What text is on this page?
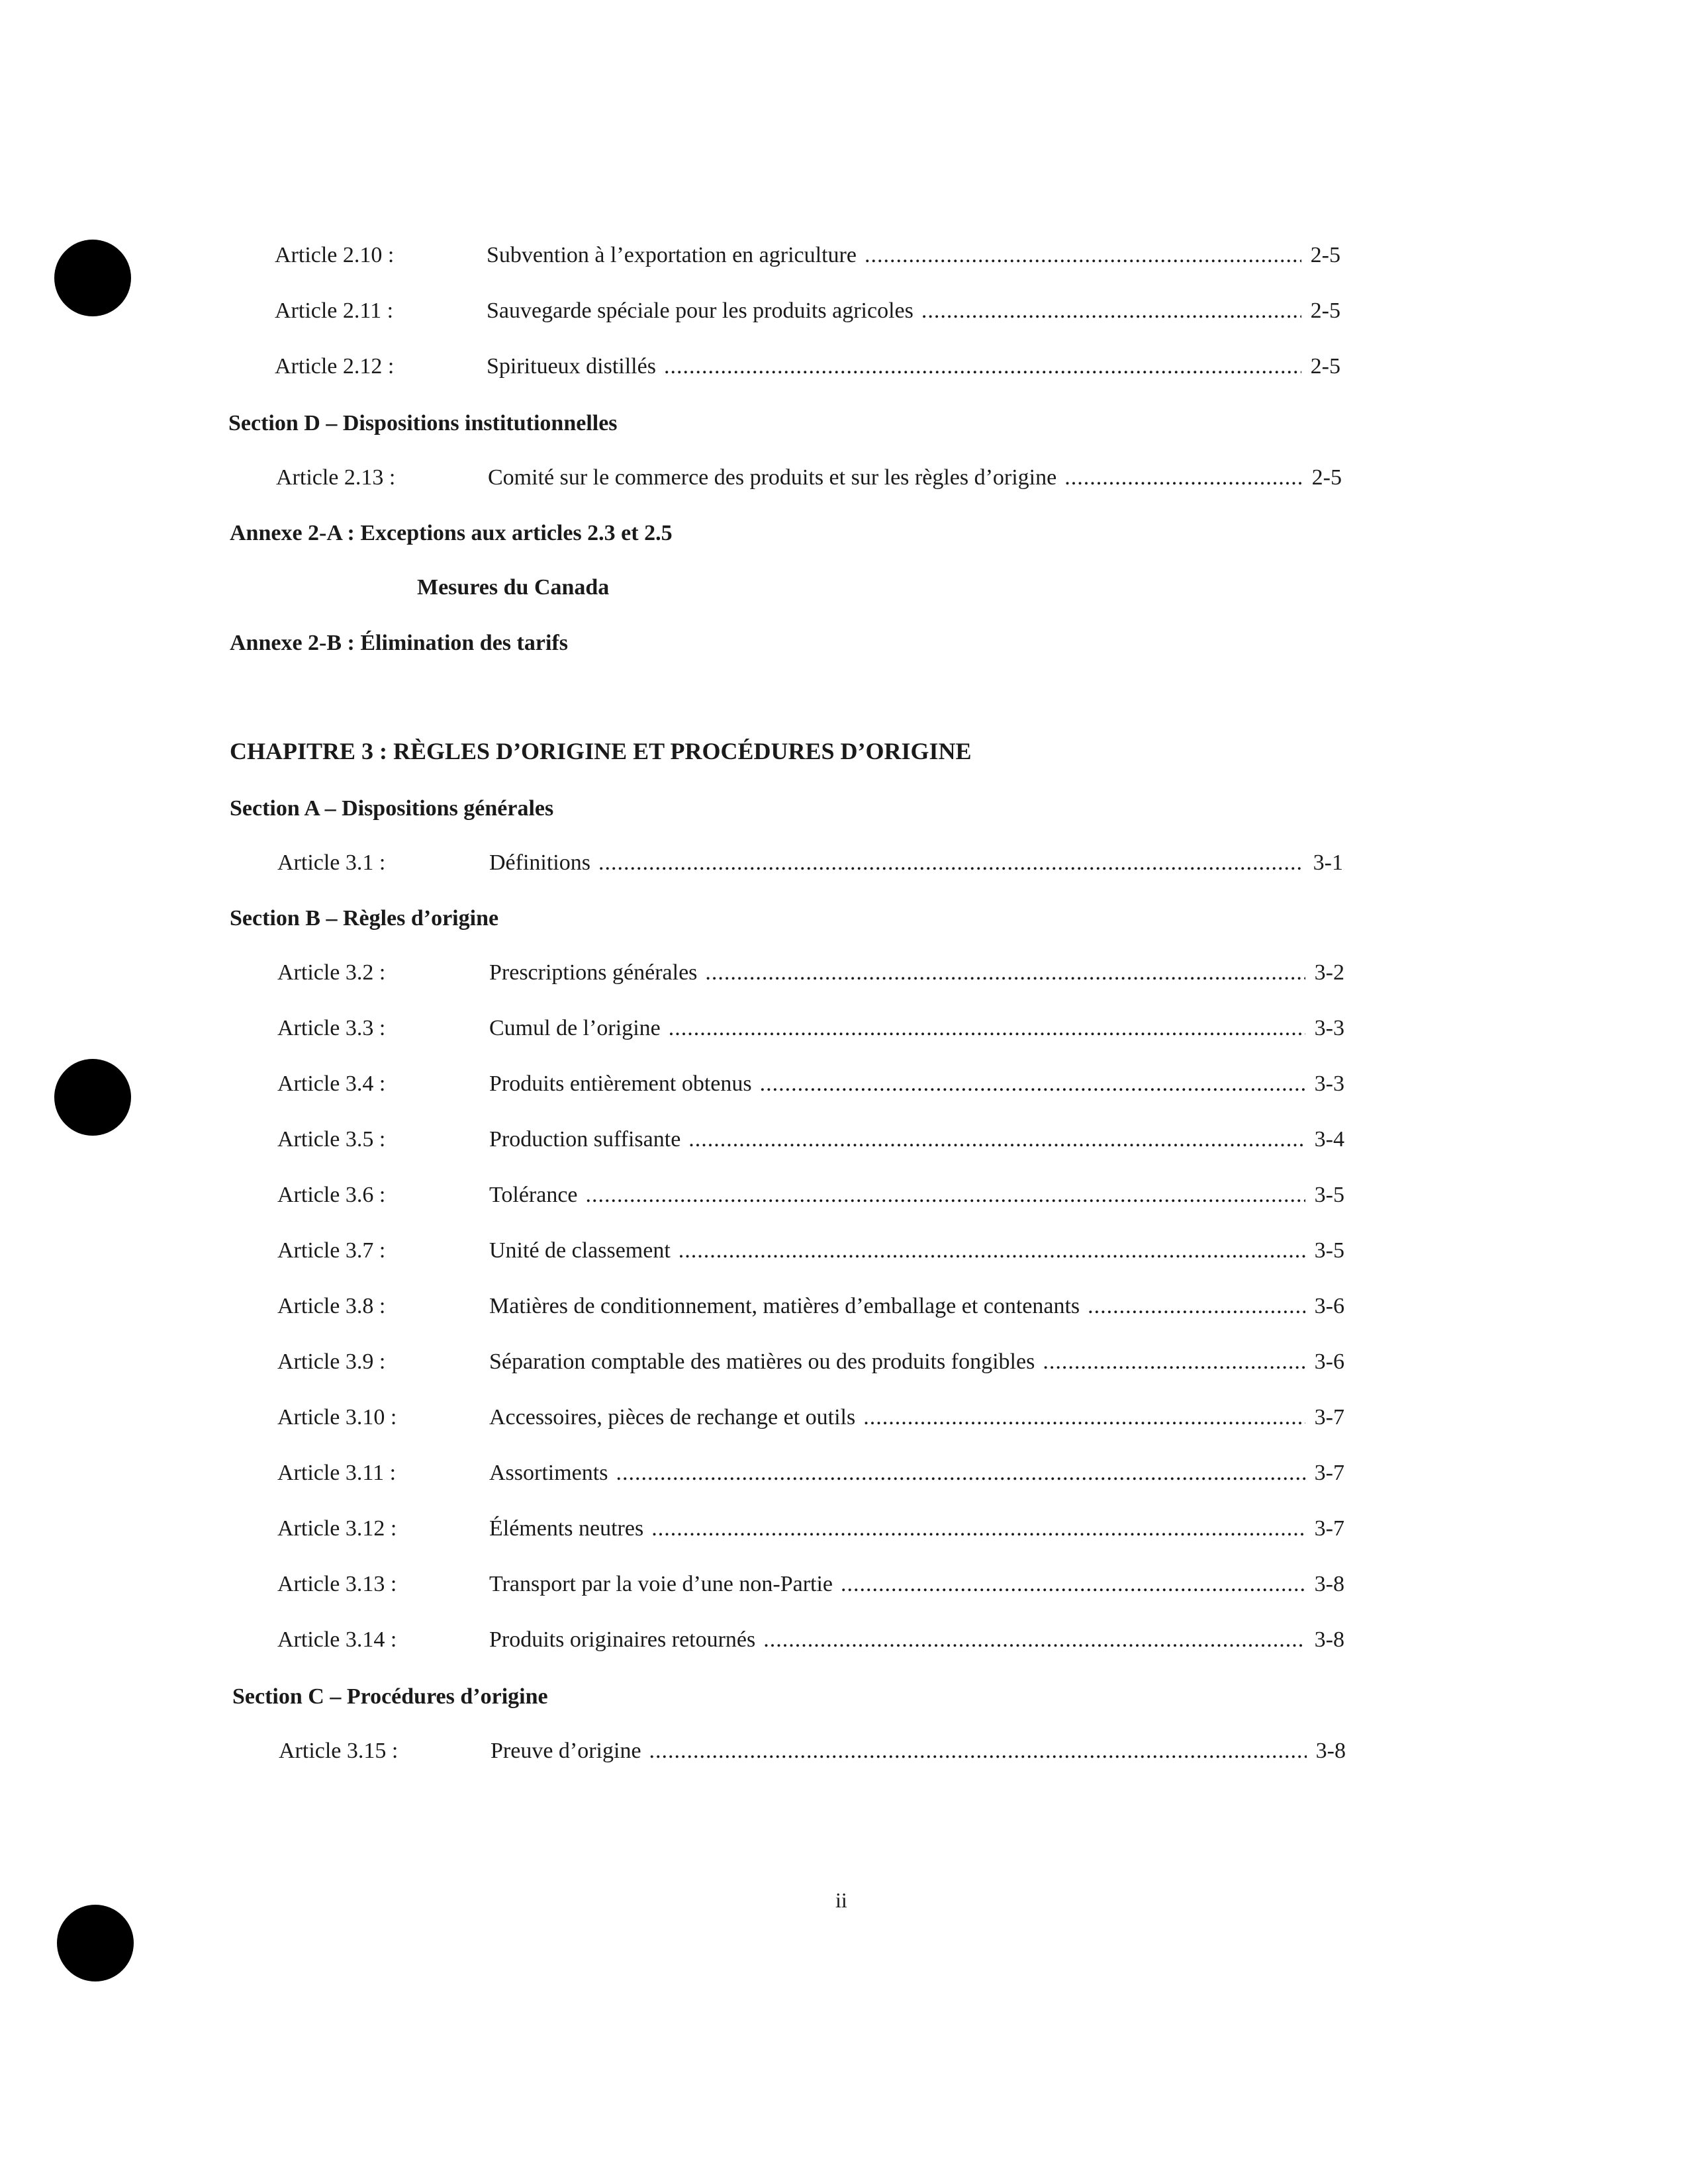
Article 2.10 :	Subvention à l’exportation en agriculture .....	2-5
Article 2.11 :	Sauvegarde spéciale pour les produits agricoles .....	2-5
Article 2.12 :	Spiritueux distillés .....	2-5
Section D – Dispositions institutionnelles
Article 2.13 :	Comité sur le commerce des produits et sur les règles d’origine .....	2-5
Annexe 2-A : Exceptions aux articles 2.3 et 2.5
Mesures du Canada
Annexe 2-B : Élimination des tarifs
CHAPITRE 3 : RÈGLES D’ORIGINE ET PROCÉDURES D’ORIGINE
Section A – Dispositions générales
Article 3.1 :	Définitions .....	3-1
Section B – Règles d’origine
Article 3.2 :	Prescriptions générales .....	3-2
Article 3.3 :	Cumul de l’origine .....	3-3
Article 3.4 :	Produits entièrement obtenus .....	3-3
Article 3.5 :	Production suffisante .....	3-4
Article 3.6 :	Tolérance .....	3-5
Article 3.7 :	Unité de classement .....	3-5
Article 3.8 :	Matières de conditionnement, matières d’emballage et contenants .....	3-6
Article 3.9 :	Séparation comptable des matières ou des produits fongibles .....	3-6
Article 3.10 :	Accessoires, pièces de rechange et outils .....	3-7
Article 3.11 :	Assortiments .....	3-7
Article 3.12 :	Éléments neutres .....	3-7
Article 3.13 :	Transport par la voie d’une non-Partie .....	3-8
Article 3.14 :	Produits originaires retournés .....	3-8
Section C – Procédures d’origine
Article 3.15 :	Preuve d’origine .....	3-8
ii
